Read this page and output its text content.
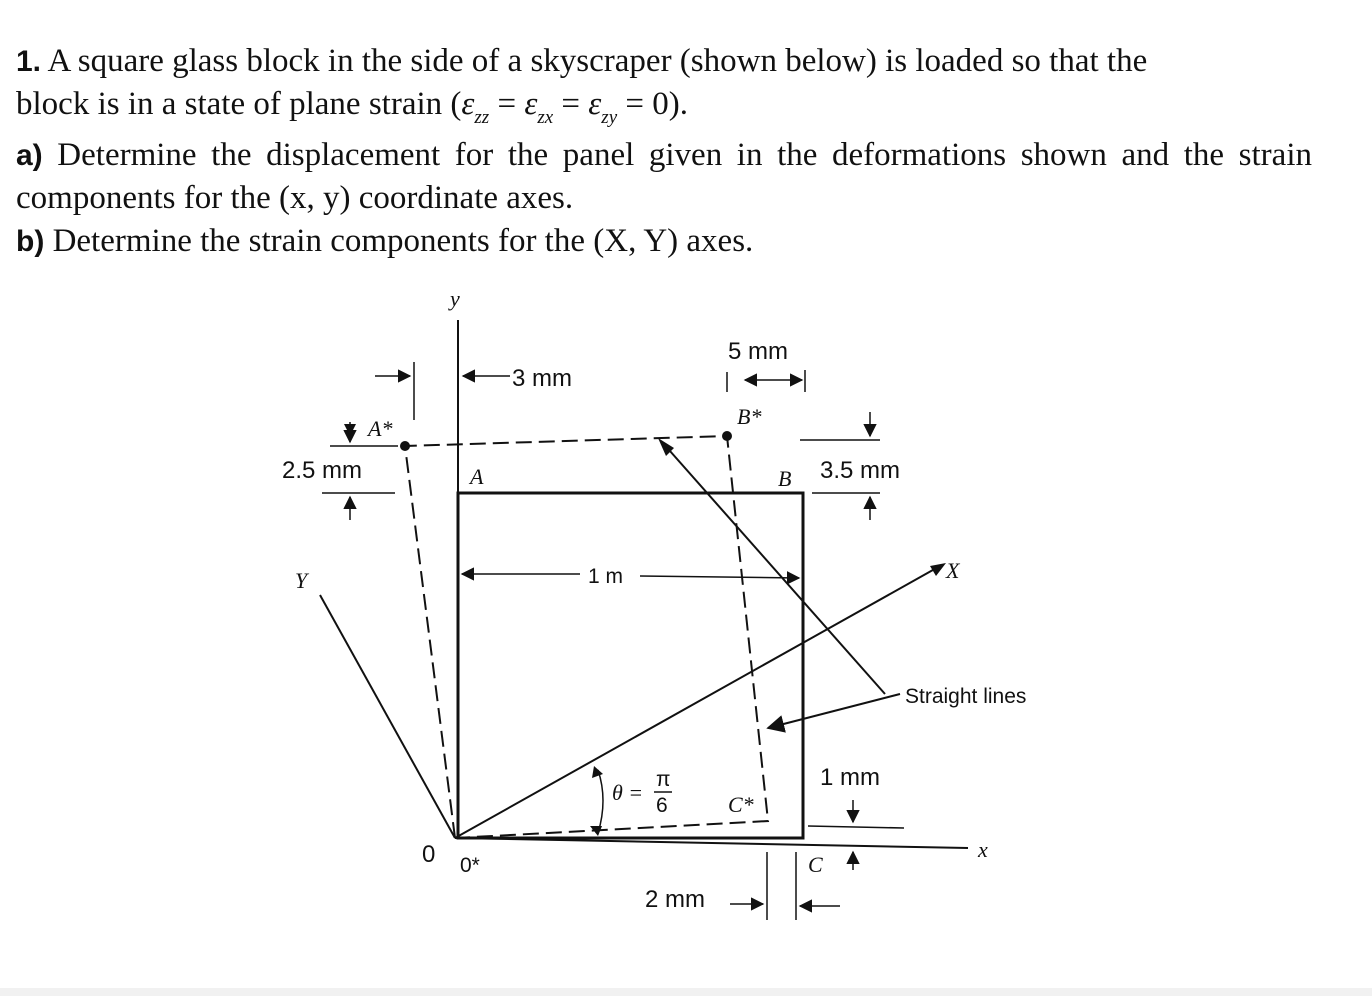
1. A square glass block in the side of a skyscraper (shown below) is loaded so that the
block is in a state of plane strain $(\varepsilon_{zz} = \varepsilon_{zx} = \varepsilon_{zy} = 0)$.
a) Determine the displacement for the panel given in the deformations shown and the strain components for the (x, y) coordinate axes.
b) Determine the strain components for the (X, Y) axes.
y
x
X
Y
Straight lines
3 mm
5 mm
2.5 mm	3.5 mm
1 m
1 mm
2 mm
θ =
π
6
A*
A
B*
B
C*
C
0 0*
